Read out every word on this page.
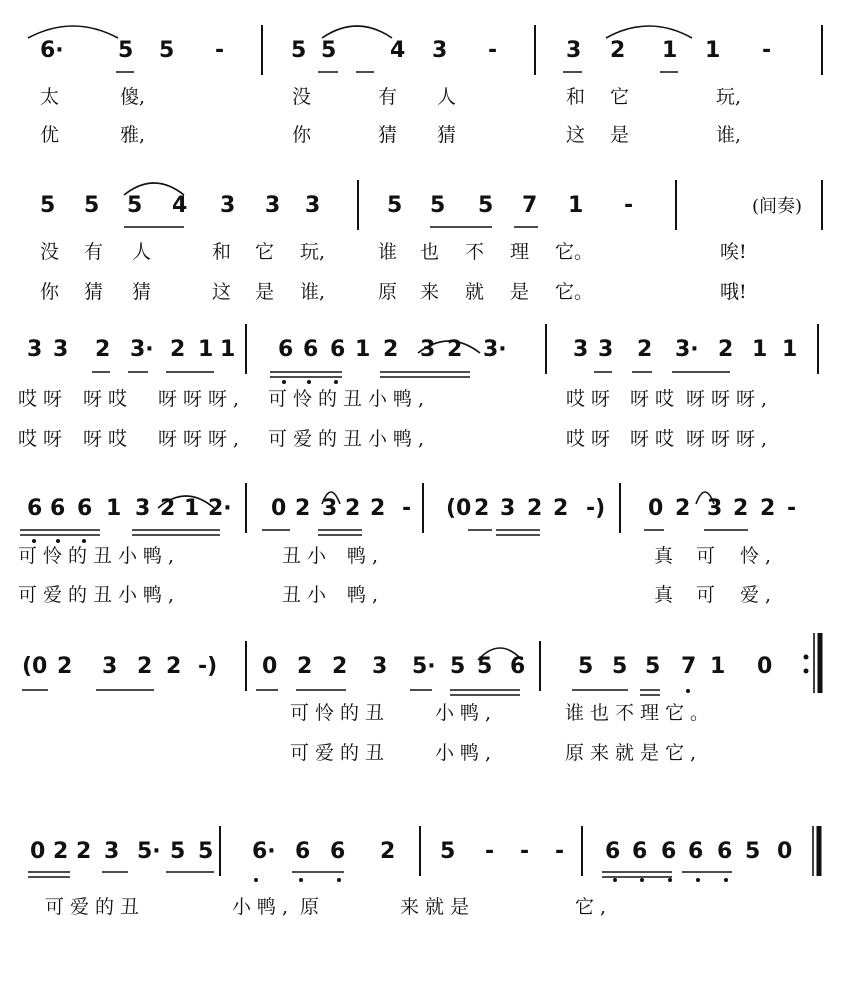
6· 5 5 -	5 5 4 3 -	3 2 1 1 -
太	傻,	没	有 人	和 它	玩,
优	雅,	你	猜 猜	这 是	谁,
5 5 5 4 3 3 3	5 5 5 7 1 -	(间奏)
没 有 人	和 它 玩,	谁 也 不 理 它。	唉!
你 猜 猜	这 是 谁,	原 来 就 是 它。	哦!
3 3 2 3· 2 1 1 6 6 6 1 2 3 2 3·	3 3 2 3· 2 1 1
哎呀 呀哎 呀呀呀, 可怜的丑小鸭,	哎呀 呀哎 呀呀呀,
哎呀 呀哎 呀呀呀, 可爱的丑小鸭,	哎呀 呀哎 呀呀呀,
6 6 6 1 3 2 1 2· 0 2 3 2 2 - (0 2 3 2 2 -) 0 2 3 2 2 -
可怜的丑小鸭,	丑小 鸭,	真 可 怜,
可爱的丑小鸭,	丑小 鸭,	真 可 爱,
(0 2 3 2 2 -) 0 2 2 3 5· 5 5 6 5 5 5 7 1 0
可怜的丑 小鸭,	谁也不理它。
可爱的丑 小鸭,	原来就是它,
0 2 2 3 5· 5 5 6· 6 6 2 5 - - - 6 6 6 6 6 5 0
可爱的丑	小鸭, 原	来就是	它,
